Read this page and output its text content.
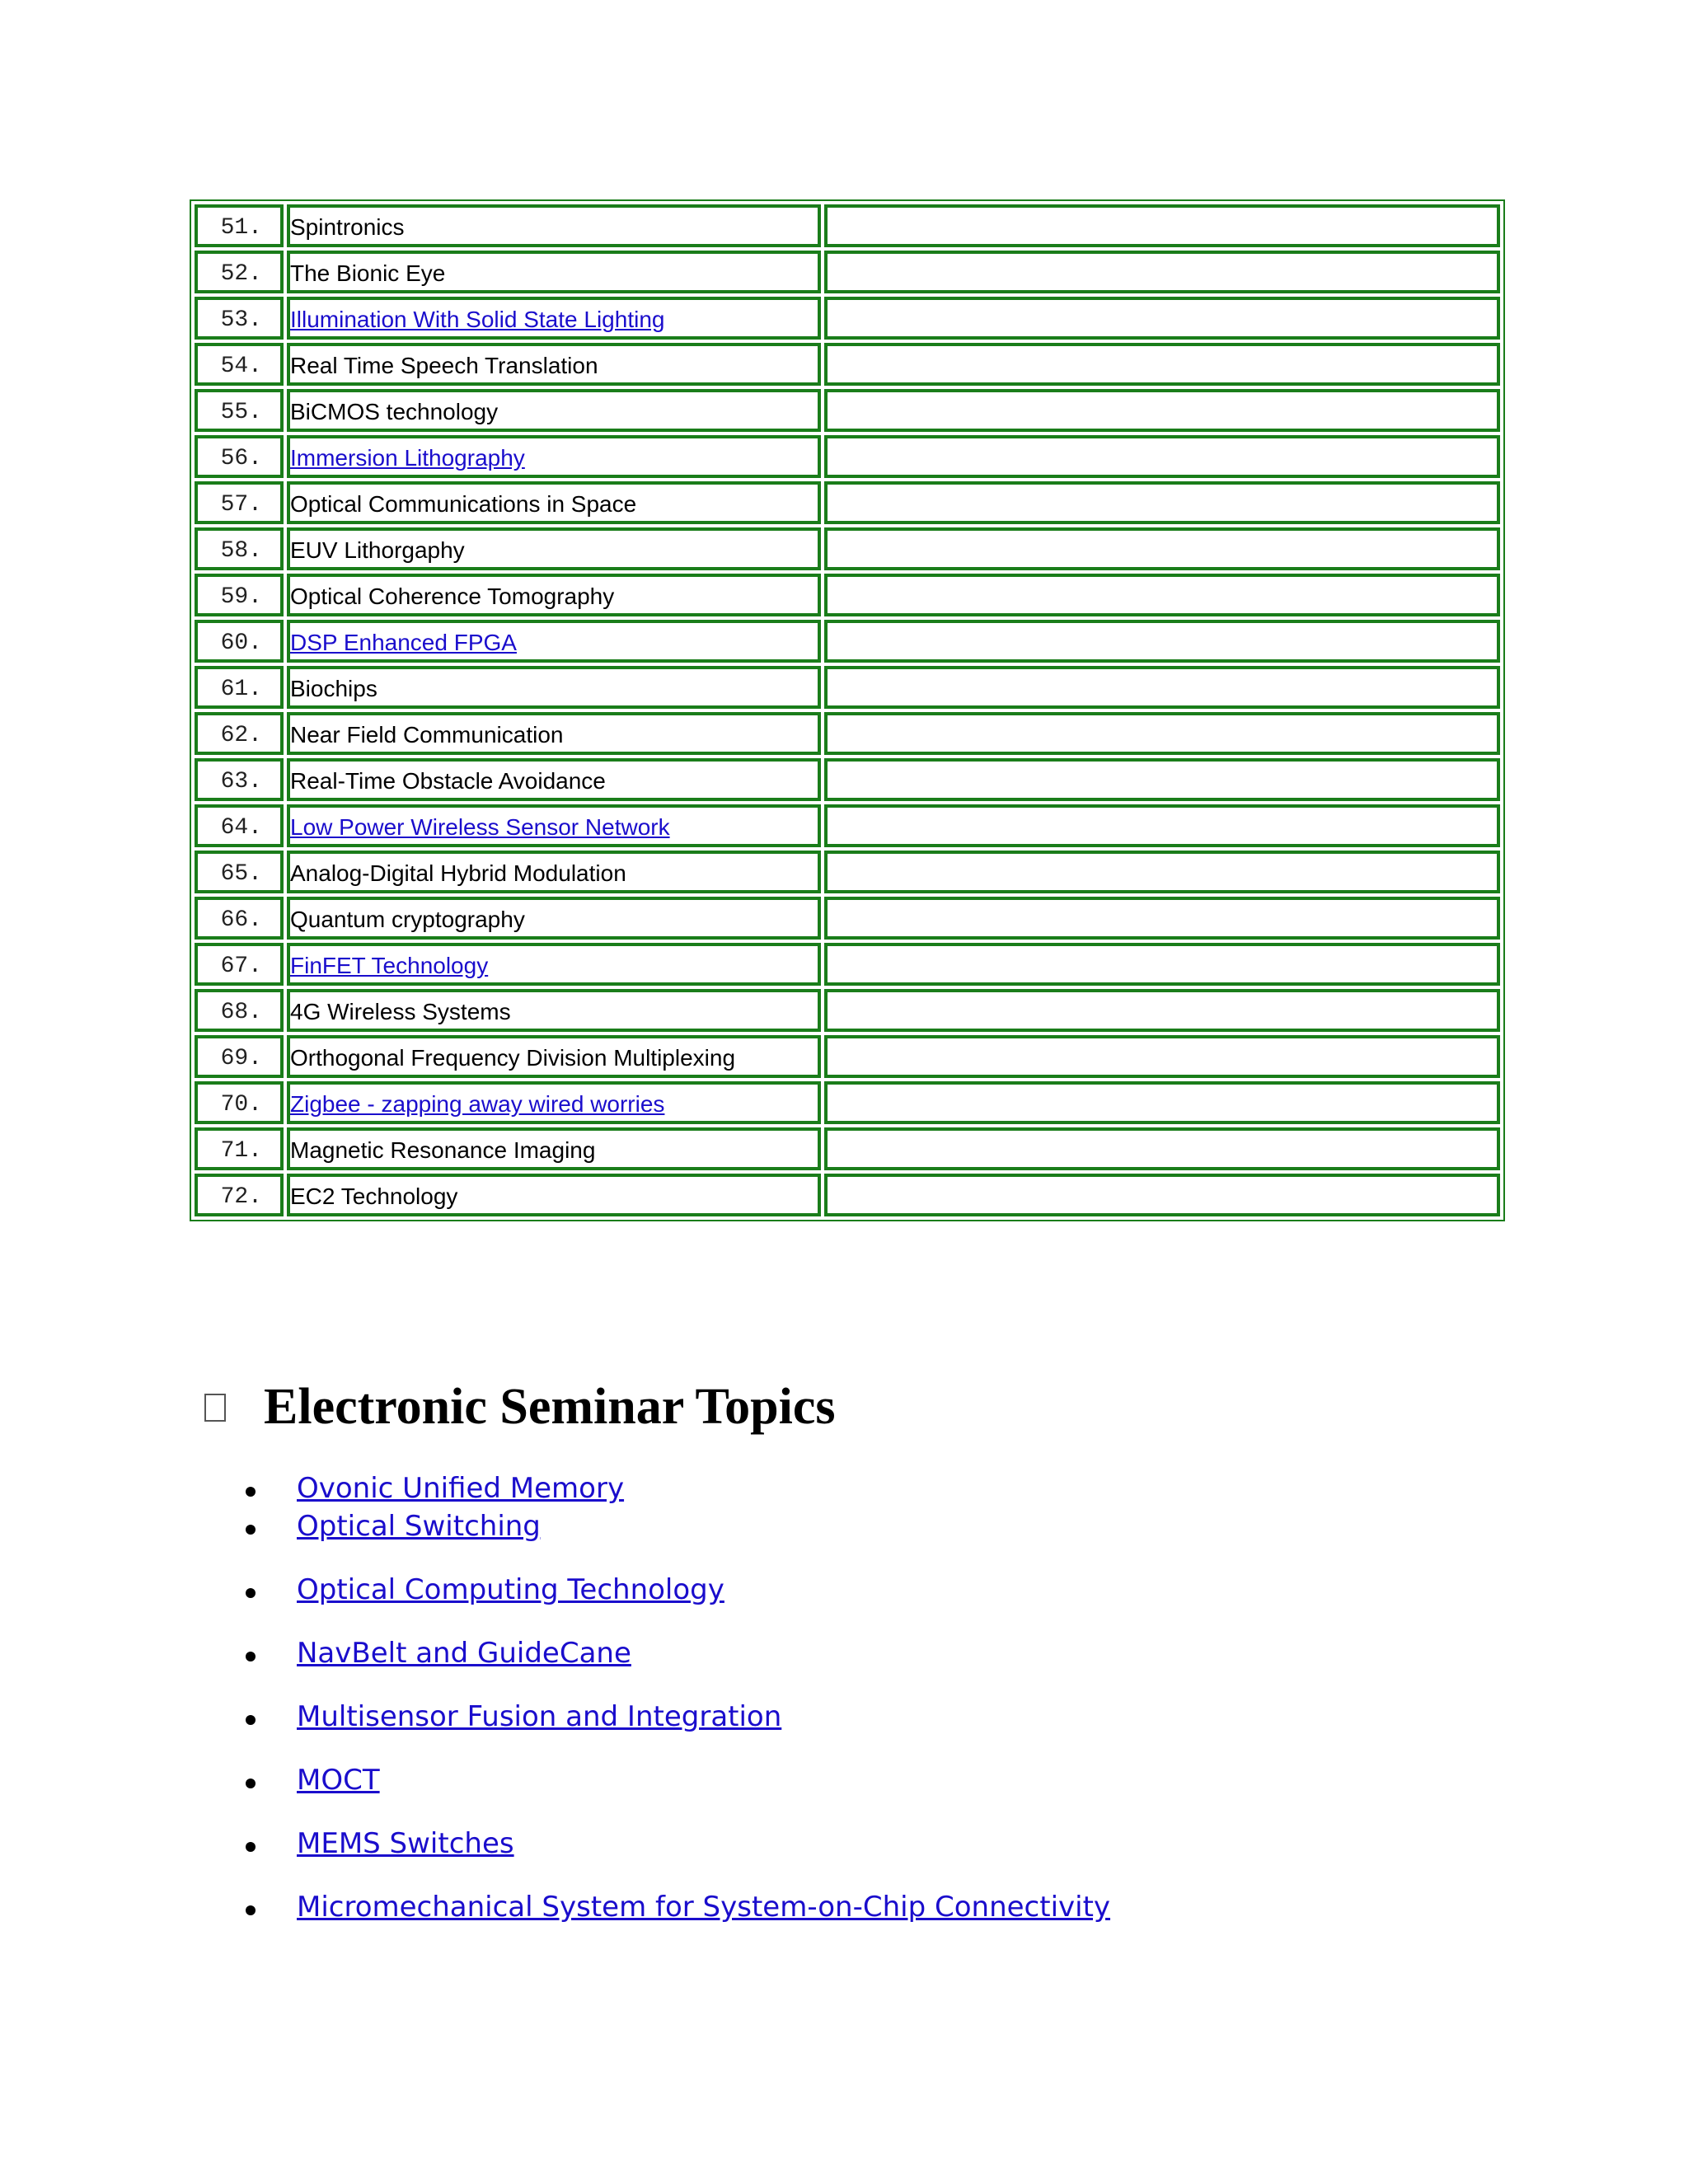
51.	Spintronics	
52.	The Bionic Eye	
53.	Illumination With Solid State Lighting	
54.	Real Time Speech Translation	
55.	BiCMOS technology	
56.	Immersion Lithography	
57.	Optical Communications in Space	
58.	EUV Lithorgaphy	
59.	Optical Coherence Tomography	
60.	DSP Enhanced FPGA	
61.	Biochips	
62.	Near Field Communication	
63.	Real-Time Obstacle Avoidance	
64.	Low Power Wireless Sensor Network	
65.	Analog-Digital Hybrid Modulation	
66.	Quantum cryptography	
67.	FinFET Technology	
68.	4G Wireless Systems	
69.	Orthogonal Frequency Division Multiplexing	
70.	Zigbee - zapping away wired worries	
71.	Magnetic Resonance Imaging	
72.	EC2 Technology	
Electronic Seminar Topics
Ovonic Unified Memory
Optical Switching
Optical Computing Technology
NavBelt and GuideCane
Multisensor Fusion and Integration
MOCT
MEMS Switches
Micromechanical System for System-on-Chip Connectivity
